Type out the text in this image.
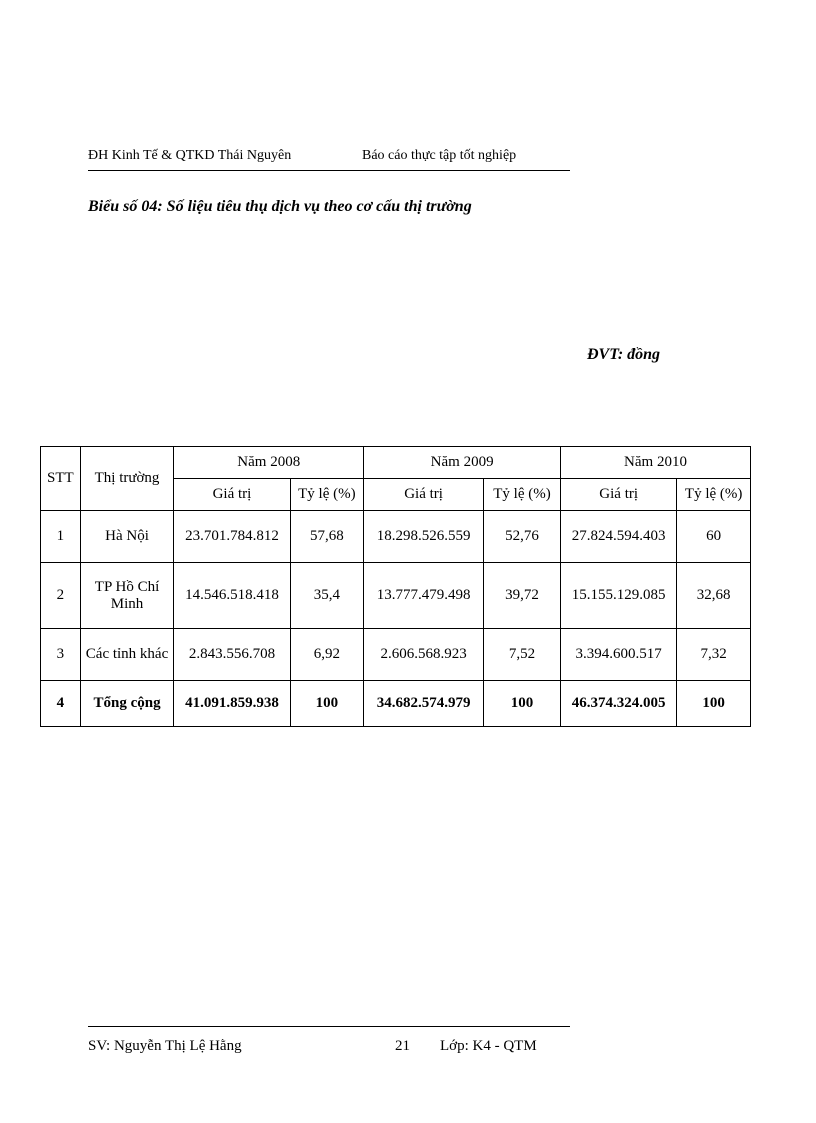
ĐH Kinh Tế & QTKD Thái Nguyên	Báo cáo thực tập tốt nghiệp
Biểu số 04: Số liệu tiêu thụ dịch vụ theo cơ cấu thị trường
ĐVT: đồng
STT	Thị trường	Năm 2008		Năm 2009		Năm 2010	
		Giá trị	Tỷ lệ (%)	Giá trị	Tỷ lệ (%)	Giá trị	Tỷ lệ (%)
1	Hà Nội	23.701.784.812	57,68	18.298.526.559	52,76	27.824.594.403	60
2	TP Hồ Chí Minh	14.546.518.418	35,4	13.777.479.498	39,72	15.155.129.085	32,68
3	Các tỉnh khác	2.843.556.708	6,92	2.606.568.923	7,52	3.394.600.517	7,32
4	Tổng cộng	41.091.859.938	100	34.682.574.979	100	46.374.324.005	100
SV: Nguyễn Thị Lệ Hằng	21 Lớp: K4 - QTM
